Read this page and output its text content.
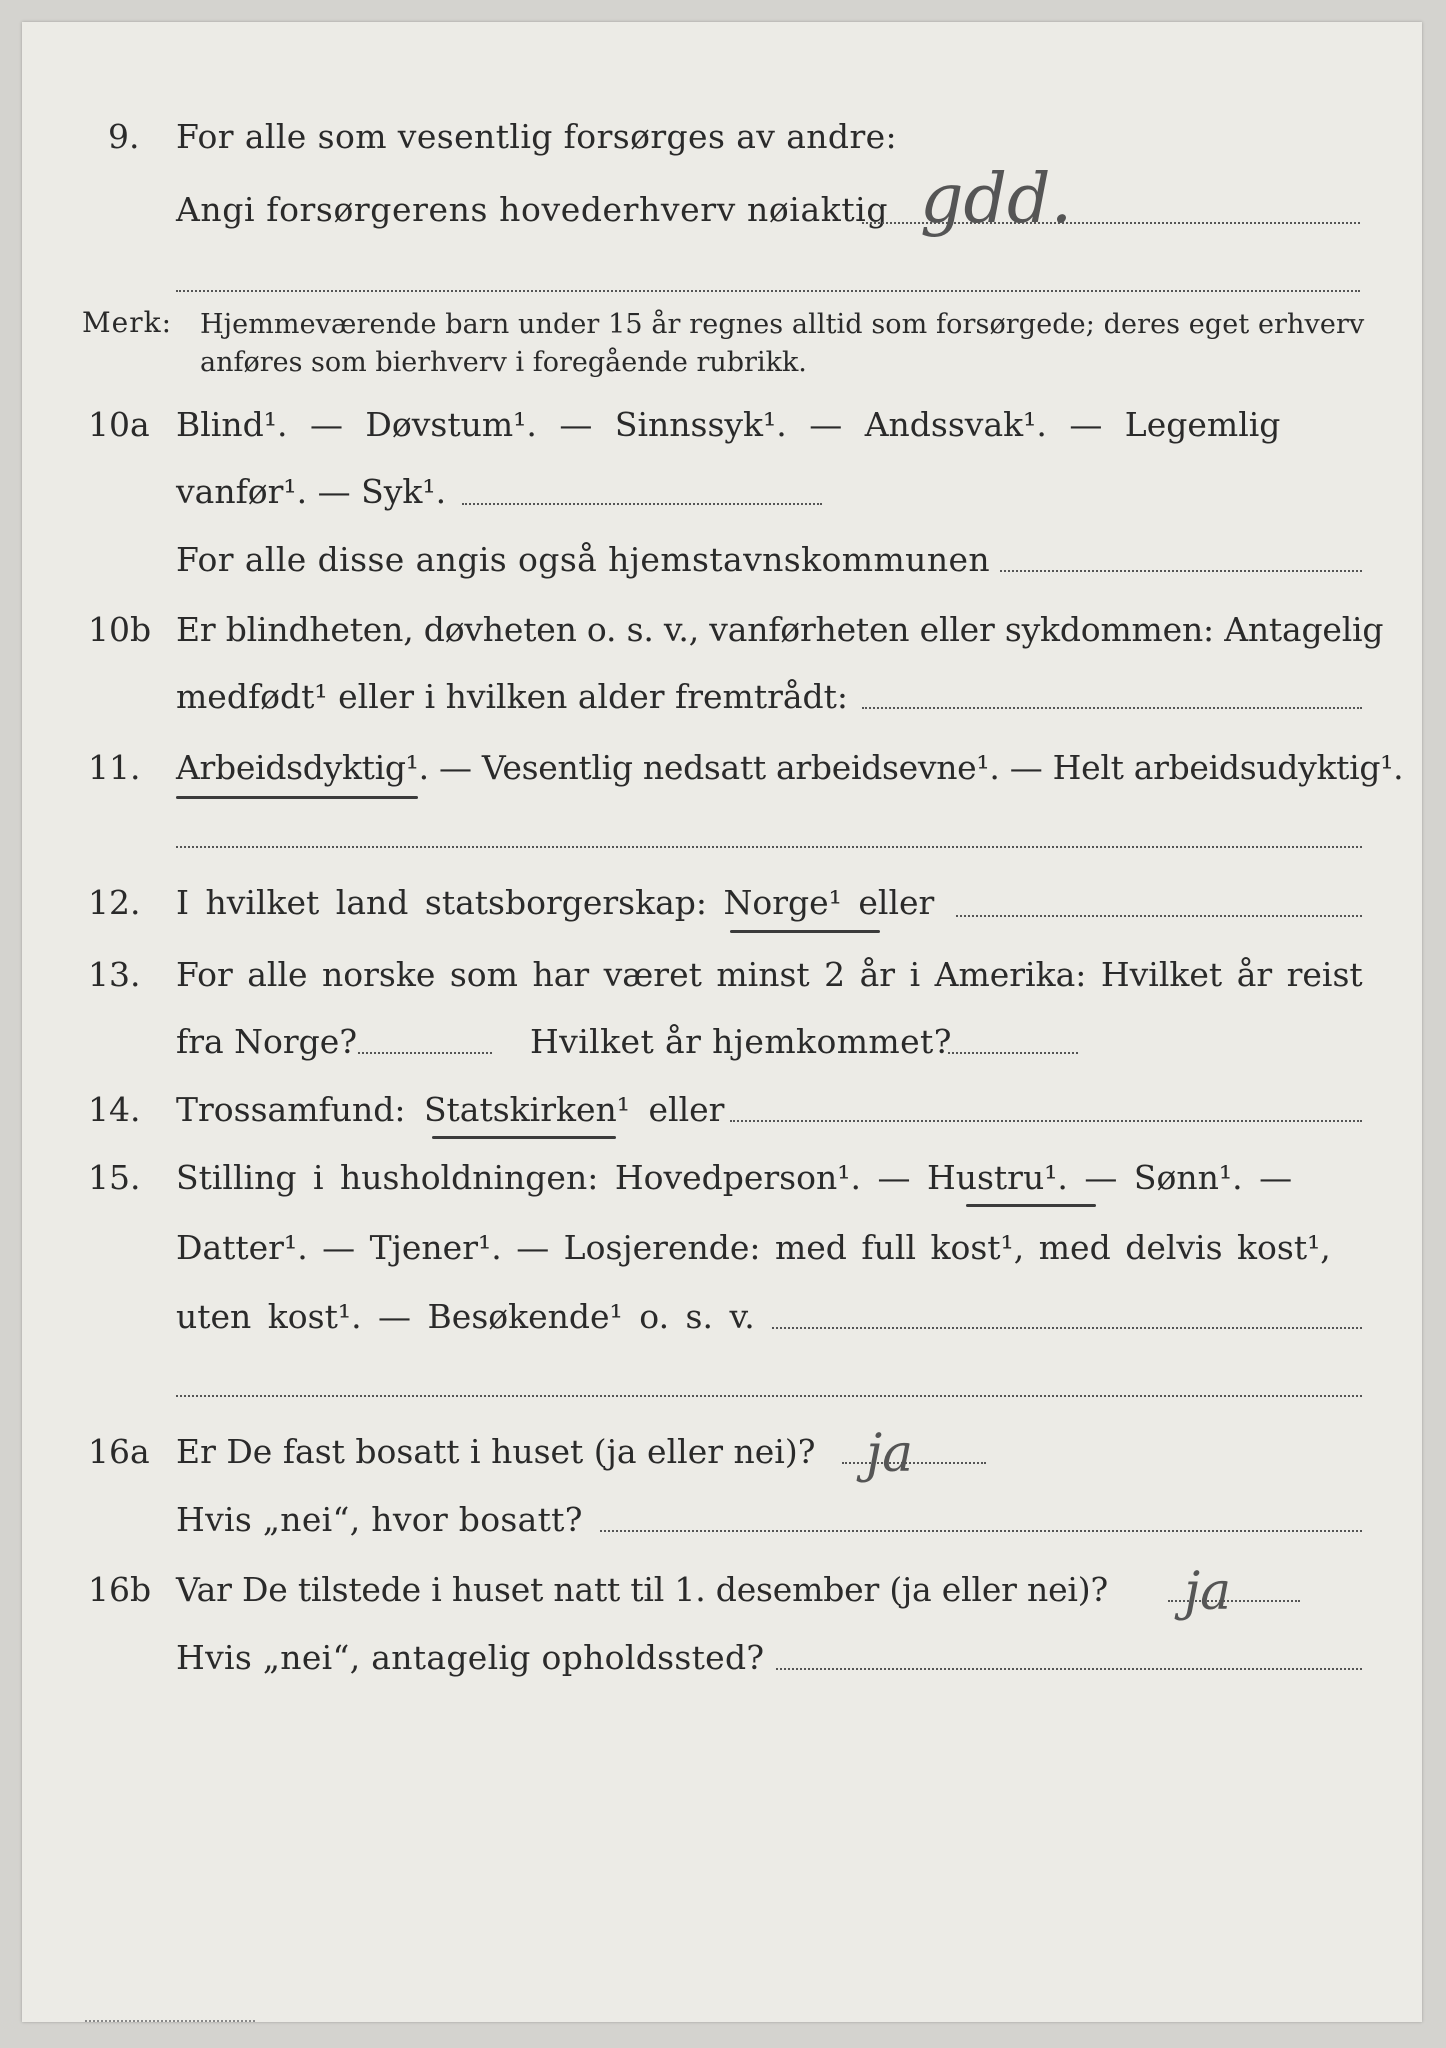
9. For alle som vesentlig forsørges av andre:
Angi forsørgerens hovederhverv nøiaktig gdd.
Merk: Hjemmeværende barn under 15 år regnes alltid som forsørgede; deres eget erhverv
anføres som bierhverv i foregående rubrikk.
10a Blind¹. — Døvstum¹. — Sinnssyk¹. — Andssvak¹. — Legemlig
vanfør¹. — Syk¹.
For alle disse angis også hjemstavnskommunen
10b Er blindheten, døvheten o. s. v., vanførheten eller sykdommen: Antagelig
medfødt¹ eller i hvilken alder fremtrådt:
11. Arbeidsdyktig¹. — Vesentlig nedsatt arbeidsevne¹. — Helt arbeidsudyktig¹.
12. I hvilket land statsborgerskap: Norge¹ eller
13. For alle norske som har været minst 2 år i Amerika: Hvilket år reist
fra Norge?	Hvilket år hjemkommet?
14. Trossamfund: Statskirken¹ eller
15. Stilling i husholdningen: Hovedperson¹. — Hustru¹. — Sønn¹. —
Datter¹. — Tjener¹. — Losjerende: med full kost¹, med delvis kost¹,
uten kost¹. — Besøkende¹ o. s. v.
16a Er De fast bosatt i huset (ja eller nei)? ja
Hvis „nei“, hvor bosatt?
16b Var De tilstede i huset natt til 1. desember (ja eller nei)? ja
Hvis „nei“, antagelig opholdssted?
